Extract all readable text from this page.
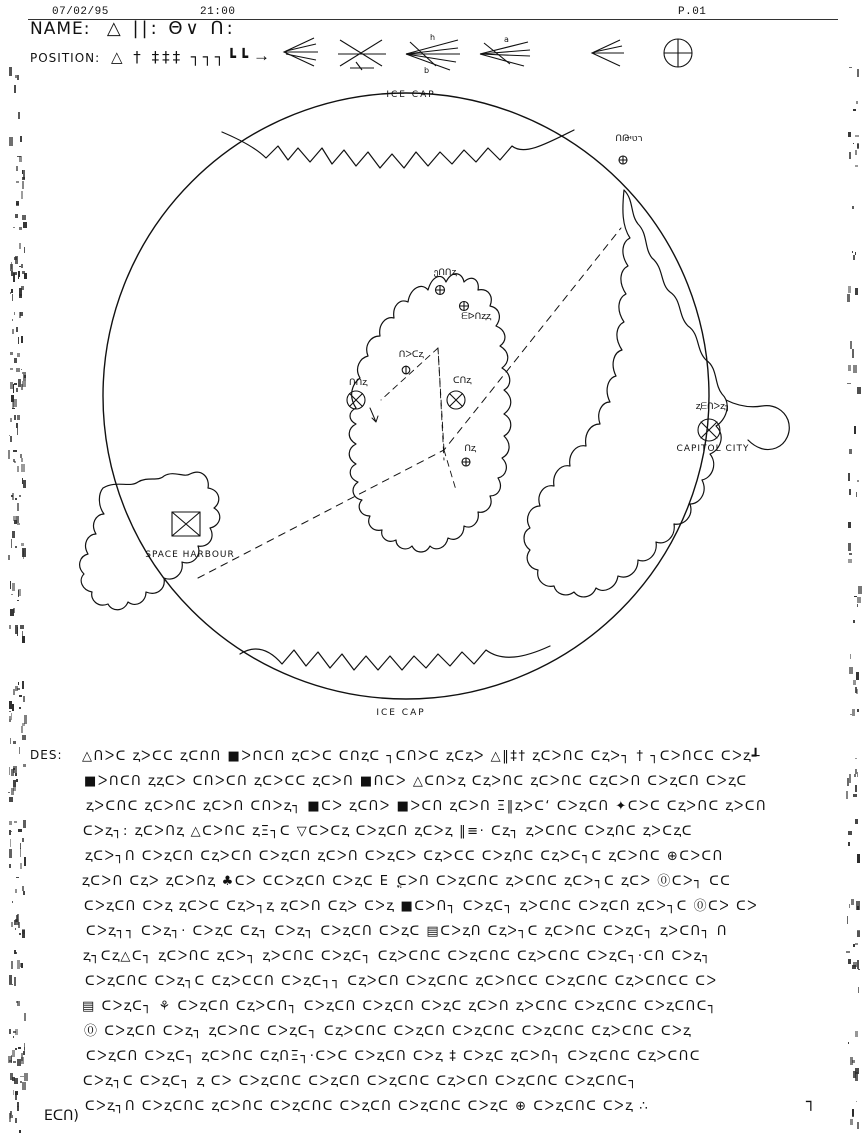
07/02/95	21:00	P.01
NAME: △ ||: Θ∨ Ո:
POSITION: △ † ‡‡‡ ┐┐┐┗┗ →
h
b
a
ICE CAP
ICE CAP
ՈԹרטי
ეᑎՈⱬ
ᗴᐅᑎⱬⱬ
Ոᐳᑕⱬ
Ոᑎⱬ	ᑕՈⱬ
Ոⱬ
ⱬᗴՈᐳⱬ┐
CAPITOL CITY
SPACE HARBOUR
DES: △Ոᐳᑕ ⱬᐳᑕᑕ ⱬᑕᑎՈ ■ᐳᑎᑕՈ ⱬᑕᐳᑕ ᑕᑎⱬᑕ ┐ᑕՈᐳᑕ ⱬᑕⱬᐳ △‖‡† ⱬᑕᐳՈᑕ ᑕⱬᐳ┐ † ┐ᑕᐳՈᑕᑕ ᑕᐳⱬ┹
■ᐳᑎᑕՈ ⱬⱬᑕᐳ ᑕՈᐳᑕՈ ⱬᑕᐳᑕᑕ ⱬᑕᐳՈ ■Ոᑕᐳ △ᑕᑎᐳⱬ ᑕⱬᐳՈᑕ ⱬᑕᐳՈᑕ ᑕⱬᑕᐳՈ ᑕᐳⱬᑕՈ ᑕᐳⱬᑕ
ⱬᐳᑕՈᑕ ⱬᑕᐳՈᑕ ⱬᑕᐳՈ ᑕՈᐳⱬ┐ ■ᑕᐳ ⱬᑕՈᐳ ■ᐳᑕՈ ⱬᑕᐳՈ Ξ‖ⱬᐳᑕ‘ ᑕᐳⱬᑕՈ ✦ᑕᐳᑕ ᑕⱬᐳՈᑕ ⱬᐳᑕՈ
ᑕᐳⱬ┐: ⱬᑕᐳՈⱬ △ᑕᐳՈᑕ ⱬΞ┐ᑕ ▽ᑕᐳᑕⱬ ᑕᐳⱬᑕՈ ⱬᑕᐳⱬ ‖≡· ᑕⱬ┐ ⱬᐳᑕՈᑕ ᑕᐳⱬՈᑕ ⱬᐳᑕⱬᑕ
ⱬᑕᐳ┐Ո ᑕᐳⱬᑕՈ ᑕⱬᐳᑕՈ ᑕᐳⱬᑕՈ ⱬᑕᐳՈ ᑕᐳⱬᑕᐳ ᑕⱬᐳᑕᑕ ᑕᐳⱬՈᑕ ᑕⱬᐳᑕ┐ᑕ ⱬᑕᐳՈᑕ ⊕ᑕᐳᑕՈ
ⱬᑕᐳՈ ᑕⱬᐳ ⱬᑕᐳՈⱬ ♣ᑕᐳ ᑕᑕᐳⱬᑕՈ ᑕᐳⱬᑕ E ֳᑕᐳՈ ᑕᐳⱬᑕՈᑕ ⱬᐳᑕՈᑕ ⱬᑕᐳ┐ᑕ ⱬᑕᐳ ⓪ᑕᐳ┐ ᑕᑕ
ᑕᐳⱬᑕՈ ᑕᐳⱬ ⱬᑕᐳᑕ ᑕⱬᐳ┐ⱬ ⱬᑕᐳՈ ᑕⱬᐳ ᑕᐳⱬ ■ᑕᐳՈ┐ ᑕᐳⱬᑕ┐ ⱬᐳᑕՈᑕ ᑕᐳⱬᑕՈ ⱬᑕᐳ┐ᑕ ⓪ᑕᐳ ᑕᐳ
ᑕᐳⱬ┐┐ ᑕᐳⱬ┐· ᑕᐳⱬᑕ ᑕⱬ┐ ᑕᐳⱬ┐ ᑕᐳⱬᑕՈ ᑕᐳⱬᑕ ▤ᑕᐳⱬՈ ᑕⱬᐳ┐ᑕ ⱬᑕᐳՈᑕ ᑕᐳⱬᑕ┐ ⱬᐳᑕՈ┐ Ո
ⱬ┐ᑕⱬ△ᑕ┐ ⱬᑕᐳՈᑕ ⱬᑕᐳ┐ ⱬᐳᑕՈᑕ ᑕᐳⱬᑕ┐ ᑕⱬᐳᑕՈᑕ ᑕᐳⱬᑕՈᑕ ᑕⱬᐳᑕՈᑕ ᑕᐳⱬᑕ┐·ᑕՈ ᑕᐳⱬ┐
ᑕᐳⱬᑕՈᑕ ᑕᐳⱬ┐ᑕ ᑕⱬᐳᑕᑕՈ ᑕᐳⱬᑕ┐┐ ᑕⱬᐳᑕՈ ᑕᐳⱬᑕՈᑕ ⱬᑕᐳՈᑕᑕ ᑕᐳⱬᑕՈᑕ ᑕⱬᐳᑕՈᑕᑕ ᑕᐳ
▤ ᑕᐳⱬᑕ┐ ⚘ ᑕᐳⱬᑕՈ ᑕⱬᐳᑕՈ┐ ᑕᐳⱬᑕՈ ᑕᐳⱬᑕՈ ᑕᐳⱬᑕ ⱬᑕᐳՈ ⱬᐳᑕՈᑕ ᑕᐳⱬᑕՈᑕ ᑕᐳⱬᑕՈᑕ┐
⓪ ᑕᐳⱬᑕՈ ᑕᐳⱬ┐ ⱬᑕᐳՈᑕ ᑕᐳⱬᑕ┐ ᑕⱬᐳᑕՈᑕ ᑕᐳⱬᑕՈ ᑕᐳⱬᑕՈᑕ ᑕᐳⱬᑕՈᑕ ᑕⱬᐳᑕՈᑕ ᑕᐳⱬ
ᑕᐳⱬᑕՈ ᑕᐳⱬᑕ┐ ⱬᑕᐳՈᑕ ᑕⱬՈΞ┐·ᑕᐳᑕ ᑕᐳⱬᑕՈ ᑕᐳⱬ ‡ ᑕᐳⱬᑕ ⱬᑕᐳՈ┐ ᑕᐳⱬᑕՈᑕ ᑕⱬᐳᑕՈᑕ
ᑕᐳⱬ┐ᑕ ᑕᐳⱬᑕ┐ ⱬ ᑕᐳ ᑕᐳⱬᑕՈᑕ ᑕᐳⱬᑕՈ ᑕᐳⱬᑕՈᑕ ᑕⱬᐳᑕՈ ᑕᐳⱬᑕՈᑕ ᑕᐳⱬᑕՈᑕ┐
ᑕᐳⱬ┐Ո ᑕᐳⱬᑕՈᑕ ⱬᑕᐳՈᑕ ᑕᐳⱬᑕՈᑕ ᑕᐳⱬᑕՈ ᑕᐳⱬᑕՈᑕ ᑕᐳⱬᑕ ⊕ ᑕᐳⱬᑕՈᑕ ᑕᐳⱬ ∴
EᑕՈ)
┐
